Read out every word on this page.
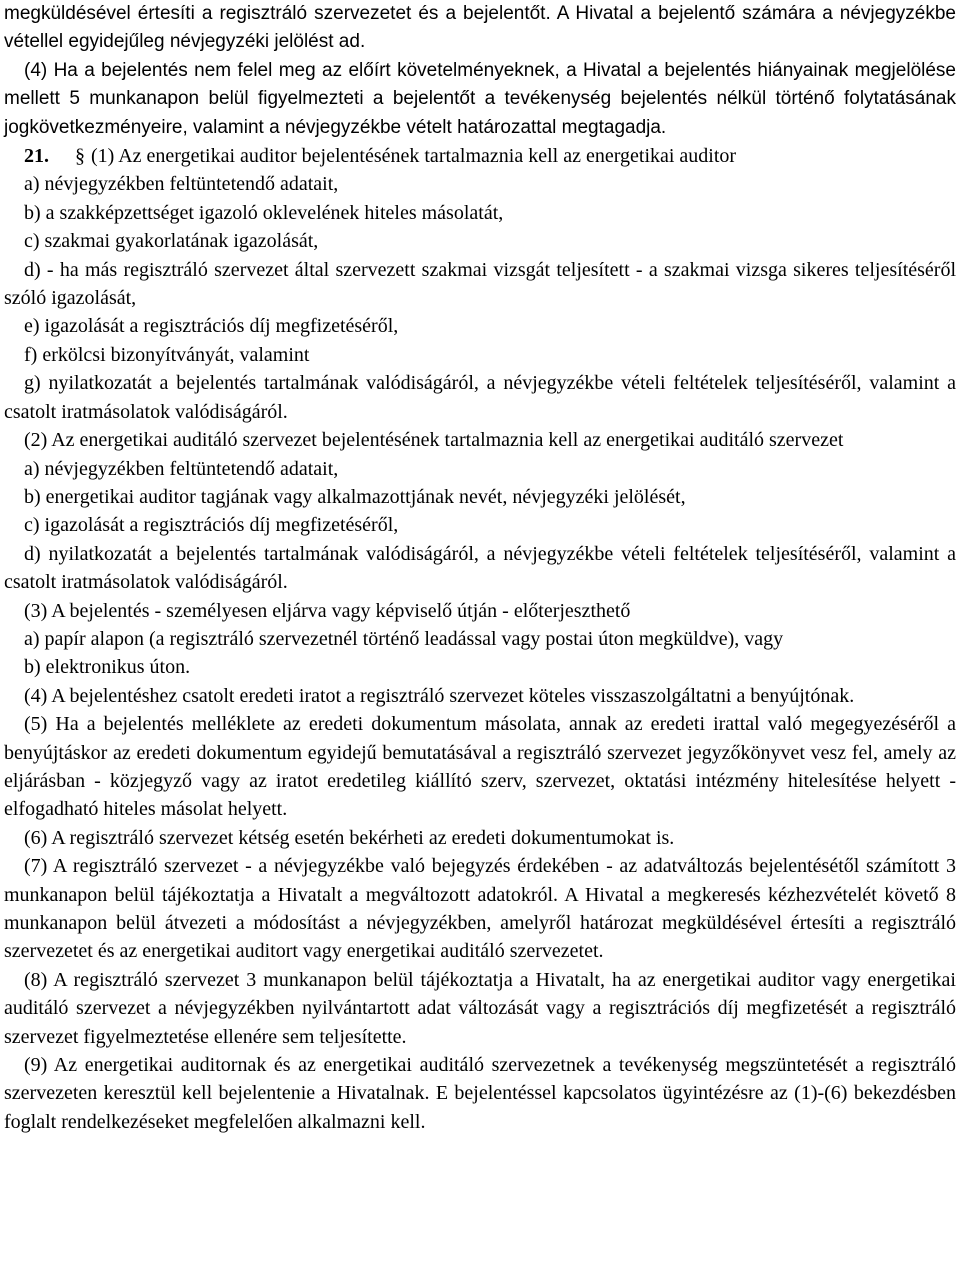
megküldésével értesíti a regisztráló szervezetet és a bejelentőt. A Hivatal a bejelentő számára a névjegyzékbe vétellel egyidejűleg névjegyzéki jelölést ad.

(4) Ha a bejelentés nem felel meg az előírt követelményeknek, a Hivatal a bejelentés hiányainak megjelölése mellett 5 munkanapon belül figyelmezteti a bejelentőt a tevékenység bejelentés nélkül történő folytatásának jogkövetkezményeire, valamint a névjegyzékbe vételt határozattal megtagadja.

21. § (1) Az energetikai auditor bejelentésének tartalmaznia kell az energetikai auditor

a) névjegyzékben feltüntetendő adatait,

b) a szakképzettséget igazoló oklevelének hiteles másolatát,

c) szakmai gyakorlatának igazolását,

d) - ha más regisztráló szervezet által szervezett szakmai vizsgát teljesített - a szakmai vizsga sikeres teljesítéséről szóló igazolását,

e) igazolását a regisztrációs díj megfizetéséről,

f) erkölcsi bizonyítványát, valamint

g) nyilatkozatát a bejelentés tartalmának valódiságáról, a névjegyzékbe vételi feltételek teljesítéséről, valamint a csatolt iratmásolatok valódiságáról.

(2) Az energetikai auditáló szervezet bejelentésének tartalmaznia kell az energetikai auditáló szervezet

a) névjegyzékben feltüntetendő adatait,

b) energetikai auditor tagjának vagy alkalmazottjának nevét, névjegyzéki jelölését,

c) igazolását a regisztrációs díj megfizetéséről,

d) nyilatkozatát a bejelentés tartalmának valódiságáról, a névjegyzékbe vételi feltételek teljesítéséről, valamint a csatolt iratmásolatok valódiságáról.

(3) A bejelentés - személyesen eljárva vagy képviselő útján - előterjeszthető

a) papír alapon (a regisztráló szervezetnél történő leadással vagy postai úton megküldve), vagy

b) elektronikus úton.

(4) A bejelentéshez csatolt eredeti iratot a regisztráló szervezet köteles visszaszolgáltatni a benyújtónak.

(5) Ha a bejelentés melléklete az eredeti dokumentum másolata, annak az eredeti irattal való megegyezéséről a benyújtáskor az eredeti dokumentum egyidejű bemutatásával a regisztráló szervezet jegyzőkönyvet vesz fel, amely az eljárásban - közjegyző vagy az iratot eredetileg kiállító szerv, szervezet, oktatási intézmény hitelesítése helyett - elfogadható hiteles másolat helyett.

(6) A regisztráló szervezet kétség esetén bekérheti az eredeti dokumentumokat is.

(7) A regisztráló szervezet - a névjegyzékbe való bejegyzés érdekében - az adatváltozás bejelentésétől számított 3 munkanapon belül tájékoztatja a Hivatalt a megváltozott adatokról. A Hivatal a megkeresés kézhezvételét követő 8 munkanapon belül átvezeti a módosítást a névjegyzékben, amelyről határozat megküldésével értesíti a regisztráló szervezetet és az energetikai auditort vagy energetikai auditáló szervezetet.

(8) A regisztráló szervezet 3 munkanapon belül tájékoztatja a Hivatalt, ha az energetikai auditor vagy energetikai auditáló szervezet a névjegyzékben nyilvántartott adat változását vagy a regisztrációs díj megfizetését a regisztráló szervezet figyelmeztetése ellenére sem teljesítette.

(9) Az energetikai auditornak és az energetikai auditáló szervezetnek a tevékenység megszüntetését a regisztráló szervezeten keresztül kell bejelentenie a Hivatalnak. E bejelentéssel kapcsolatos ügyintézésre az (1)-(6) bekezdésben foglalt rendelkezéseket megfelelően alkalmazni kell.
